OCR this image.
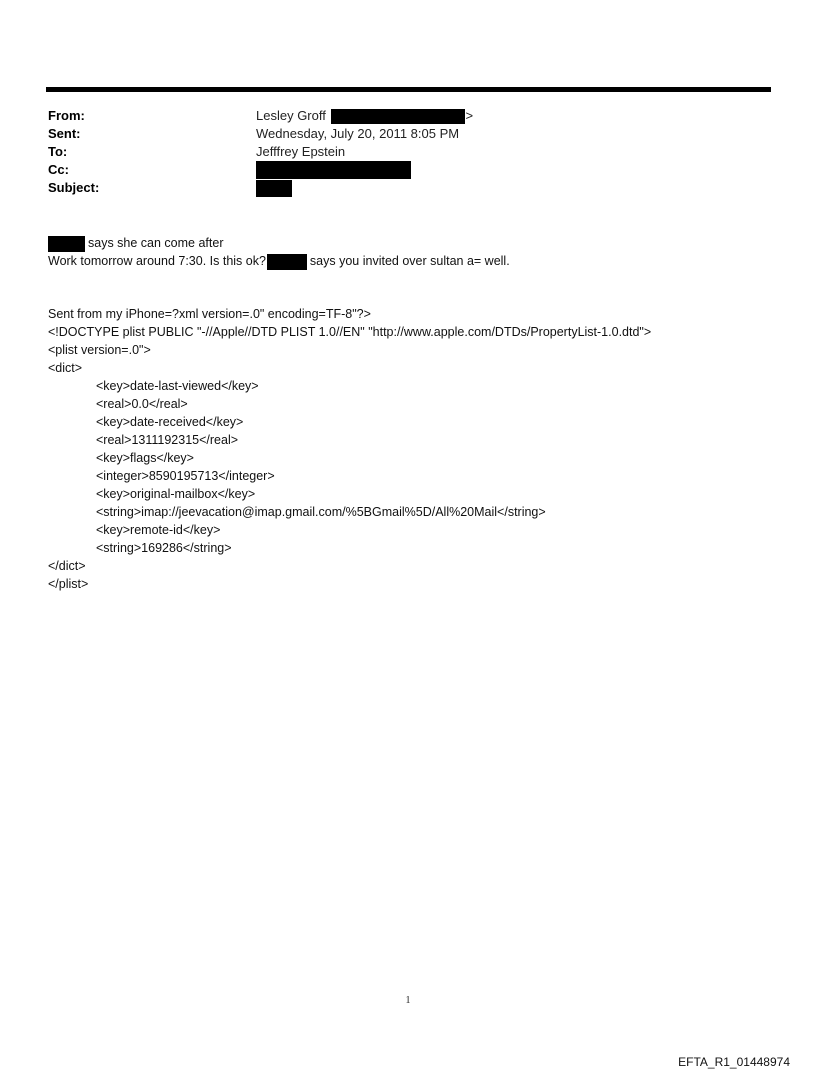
From:	Lesley Groff	>
Sent:	Wednesday, July 20, 2011 8:05 PM
To:	Jefffrey Epstein
Cc:
Subject:
says she can come after
Work tomorrow around 7:30. Is this ok?	says you invited over sultan a= well.
Sent from my iPhone=?xml version=.0" encoding=TF-8"?>
<!DOCTYPE plist PUBLIC "-//Apple//DTD PLIST 1.0//EN" "http://www.apple.com/DTDs/PropertyList-1.0.dtd">
<plist version=.0">
<dict>
<key>date-last-viewed</key>
<real>0.0</real>
<key>date-received</key>
<real>1311192315</real>
<key>flags</key>
<integer>8590195713</integer>
<key>original-mailbox</key>
<string>imap://jeevacation@imap.gmail.com/%5BGmail%5D/All%20Mail</string>
<key>remote-id</key>
<string>169286</string>
</dict>
</plist>
1
EFTA_R1_01448974
